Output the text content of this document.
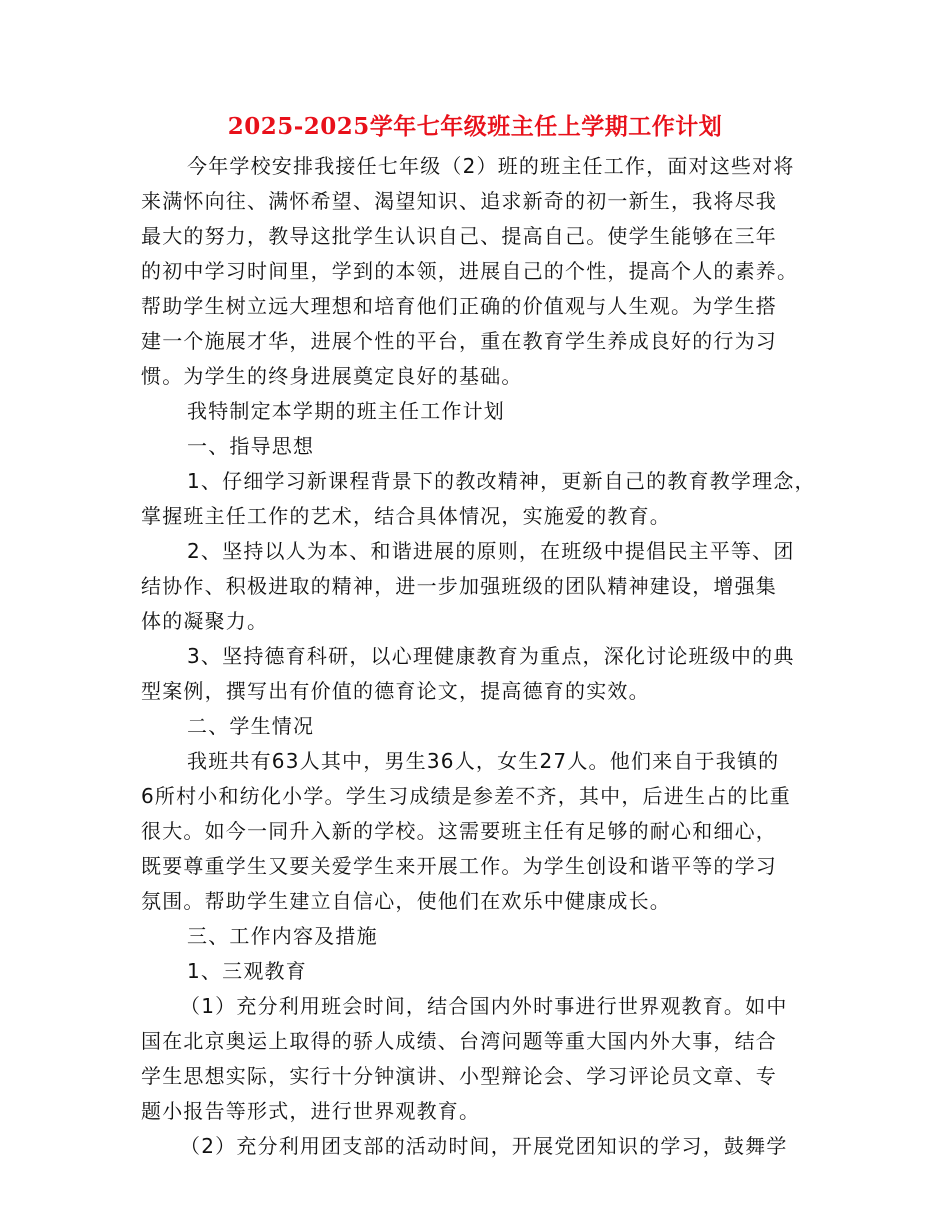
2025-2025学年七年级班主任上学期工作计划
今年学校安排我接任七年级（2）班的班主任工作，面对这些对将
来满怀向往、满怀希望、渴望知识、追求新奇的初一新生，我将尽我
最大的努力，教导这批学生认识自己、提高自己。使学生能够在三年
的初中学习时间里，学到的本领，进展自己的个性，提高个人的素养。
帮助学生树立远大理想和培育他们正确的价值观与人生观。为学生搭
建一个施展才华，进展个性的平台，重在教育学生养成良好的行为习
惯。为学生的终身进展奠定良好的基础。
我特制定本学期的班主任工作计划
一、指导思想
1、仔细学习新课程背景下的教改精神，更新自己的教育教学理念，
掌握班主任工作的艺术，结合具体情况，实施爱的教育。
2、坚持以人为本、和谐进展的原则，在班级中提倡民主平等、团
结协作、积极进取的精神，进一步加强班级的团队精神建设，增强集
体的凝聚力。
3、坚持德育科研，以心理健康教育为重点，深化讨论班级中的典
型案例，撰写出有价值的德育论文，提高德育的实效。
二、学生情况
我班共有63人其中，男生36人，女生27人。他们来自于我镇的
6所村小和纺化小学。学生习成绩是参差不齐，其中，后进生占的比重
很大。如今一同升入新的学校。这需要班主任有足够的耐心和细心，
既要尊重学生又要关爱学生来开展工作。为学生创设和谐平等的学习
氛围。帮助学生建立自信心，使他们在欢乐中健康成长。
三、工作内容及措施
1、三观教育
（1）充分利用班会时间，结合国内外时事进行世界观教育。如中
国在北京奥运上取得的骄人成绩、台湾问题等重大国内外大事，结合
学生思想实际，实行十分钟演讲、小型辩论会、学习评论员文章、专
题小报告等形式，进行世界观教育。
（2）充分利用团支部的活动时间，开展党团知识的学习，鼓舞学
